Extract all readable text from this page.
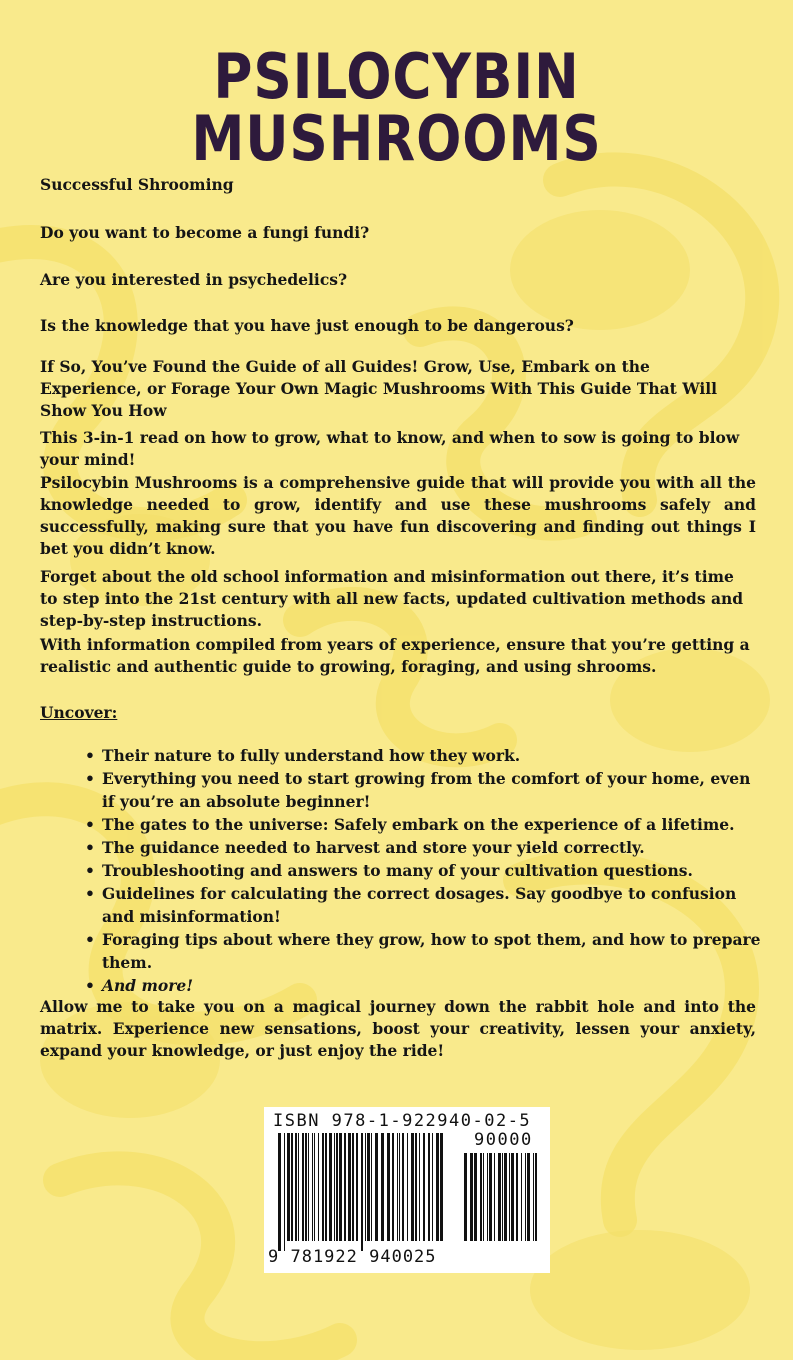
PSILOCYBIN MUSHROOMS
Successful Shrooming
Do you want to become a fungi fundi?
Are you interested in psychedelics?
Is the knowledge that you have just enough to be dangerous?
If So, You’ve Found the Guide of all Guides! Grow, Use, Embark on the Experience, or Forage Your Own Magic Mushrooms With This Guide That Will Show You How
This 3-in-1 read on how to grow, what to know, and when to sow is going to blow your mind!
Psilocybin Mushrooms is a comprehensive guide that will provide you with all the knowledge needed to grow, identify and use these mushrooms safely and successfully, making sure that you have fun discovering and finding out things I bet you didn’t know.
Forget about the old school information and misinformation out there, it’s time to step into the 21st century with all new facts, updated cultivation methods and step-by-step instructions.
With information compiled from years of experience, ensure that you’re getting a realistic and authentic guide to growing, foraging, and using shrooms.
Uncover:
• Their nature to fully understand how they work.
• Everything you need to start growing from the comfort of your home, even if you’re an absolute beginner!
• The gates to the universe: Safely embark on the experience of a lifetime.
• The guidance needed to harvest and store your yield correctly.
• Troubleshooting and answers to many of your cultivation questions.
• Guidelines for calculating the correct dosages. Say goodbye to confusion and misinformation!
• Foraging tips about where they grow, how to spot them, and how to prepare them.
• And more!
Allow me to take you on a magical journey down the rabbit hole and into the matrix. Experience new sensations, boost your creativity, lessen your anxiety, expand your knowledge, or just enjoy the ride!
ISBN 978-1-922940-02-5
90000
9 781922 940025
